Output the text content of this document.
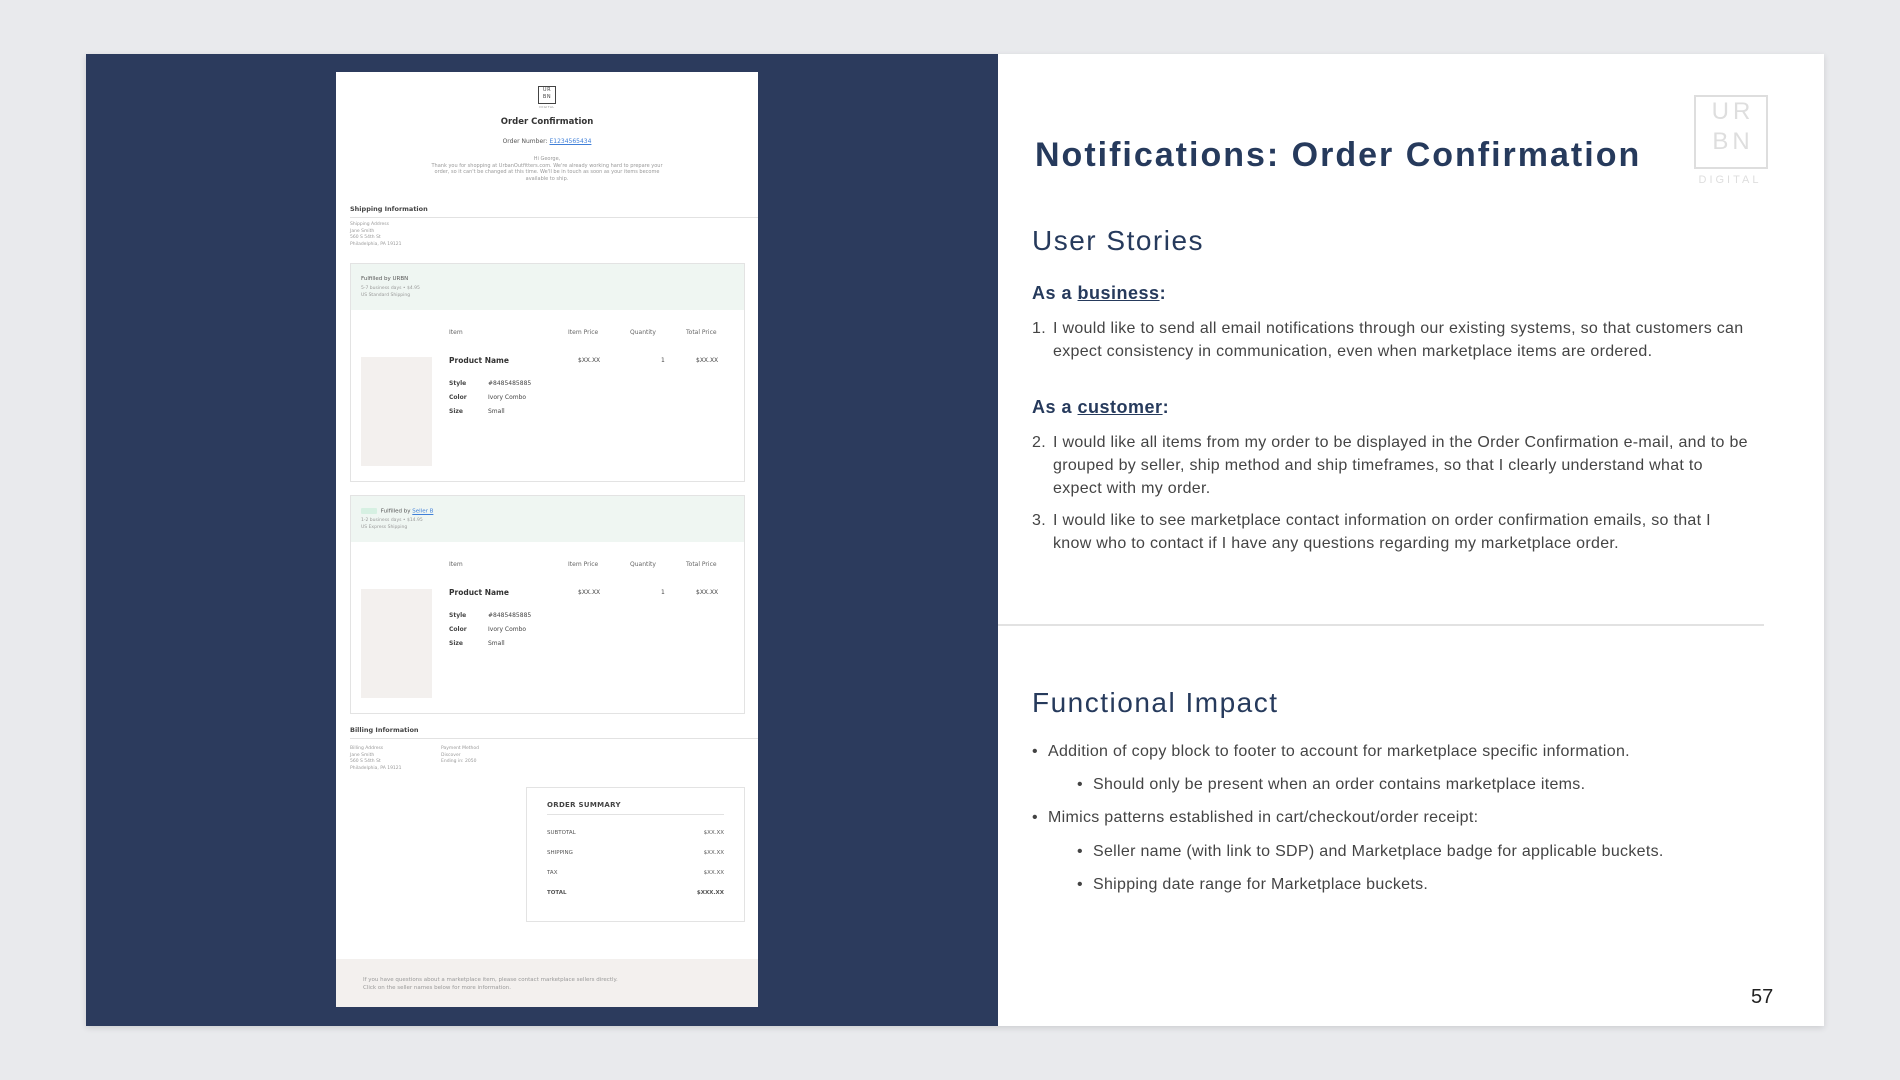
UR
BN
DIGITAL
Order Confirmation
Order Number: E1234565434
Hi George,
Thank you for shopping at UrbanOutfitters.com. We're already working hard to prepare your order, so it can't be changed at this time. We'll be in touch as soon as your items become available to ship.
Shipping Information
Shipping Address
Jane Smith
560 S 54th St
Philadelphia, PA 19121
Fulfilled by URBN
5-7 business days • $4.95
US Standard Shipping
Item	Item Price	Quantity	Total Price
Product Name	$XX.XX	1	$XX.XX
Style	#8485485885
Color	Ivory Combo
Size	Small
Fulfilled by Seller B
1-2 business days • $14.95
US Express Shipping
Item	Item Price	Quantity	Total Price
Product Name	$XX.XX	1	$XX.XX
Style	#8485485885
Color	Ivory Combo
Size	Small
Billing Information
Billing Address
Jane Smith
560 S 54th St
Philadelphia, PA 19121
Payment Method
Discover
Ending in: 2050
ORDER SUMMARY
SUBTOTAL	$XX.XX
SHIPPING	$XX.XX
TAX	$XX.XX
TOTAL	$XXX.XX
If you have questions about a marketplace item, please contact marketplace sellers directly.
Click on the seller names below for more information.
Notifications: Order Confirmation
UR
BN
DIGITAL
User Stories
As a business:
1. I would like to send all email notifications through our existing systems, so that customers can expect consistency in communication, even when marketplace items are ordered.
As a customer:
2. I would like all items from my order to be displayed in the Order Confirmation e-mail, and to be grouped by seller, ship method and ship timeframes, so that I clearly understand what to expect with my order.
3. I would like to see marketplace contact information on order confirmation emails, so that I know who to contact if I have any questions regarding my marketplace order.
Functional Impact
• Addition of copy block to footer to account for marketplace specific information.
• Should only be present when an order contains marketplace items.
• Mimics patterns established in cart/checkout/order receipt:
• Seller name (with link to SDP) and Marketplace badge for applicable buckets.
• Shipping date range for Marketplace buckets.
57
